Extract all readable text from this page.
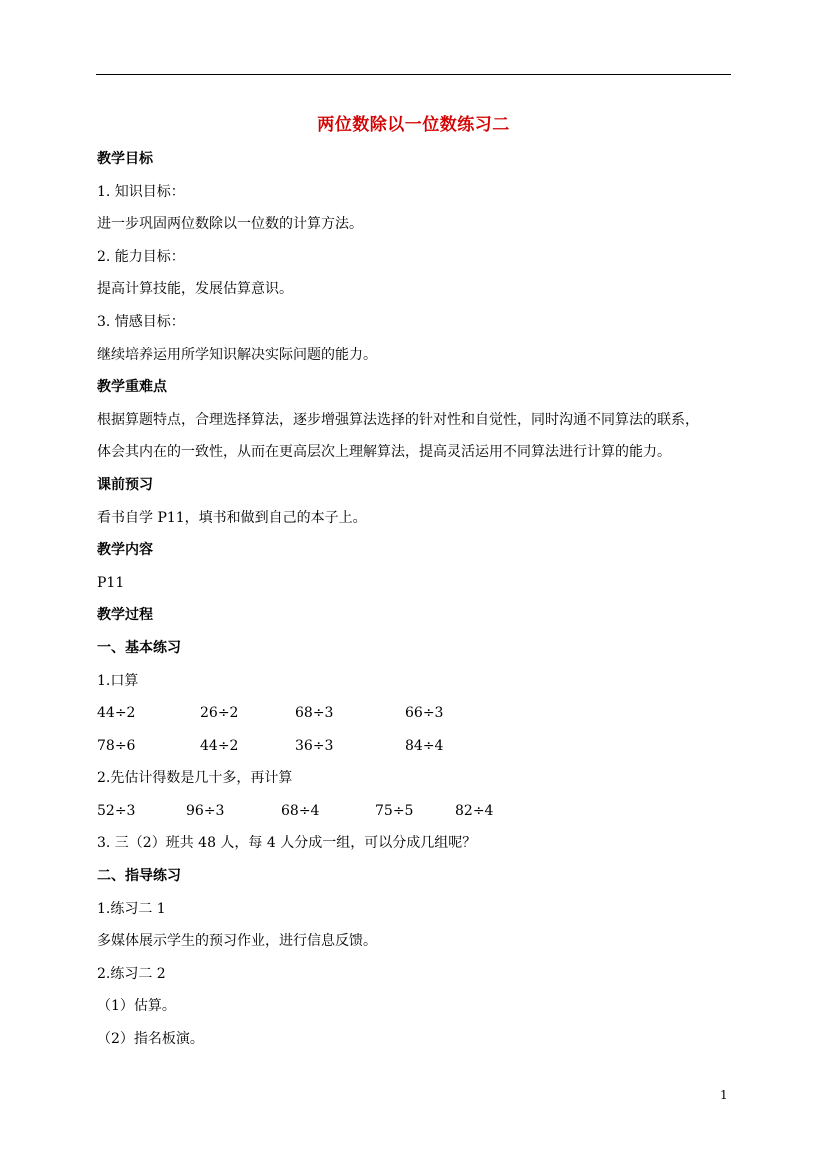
两位数除以一位数练习二
教学目标
1. 知识目标：
进一步巩固两位数除以一位数的计算方法。
2. 能力目标：
提高计算技能，发展估算意识。
3. 情感目标：
继续培养运用所学知识解决实际问题的能力。
教学重难点
根据算题特点，合理选择算法，逐步增强算法选择的针对性和自觉性，同时沟通不同算法的联系，
体会其内在的一致性，从而在更高层次上理解算法，提高灵活运用不同算法进行计算的能力。
课前预习
看书自学 P11，填书和做到自己的本子上。
教学内容
P11
教学过程
一、基本练习
1.口算
44÷2	26÷2	68÷3	66÷3
78÷6	44÷2	36÷3	84÷4
2.先估计得数是几十多，再计算
52÷3	96÷3	68÷4	75÷5	82÷4
3. 三（2）班共 48 人，每 4 人分成一组，可以分成几组呢？
二、指导练习
1.练习二 1
多媒体展示学生的预习作业，进行信息反馈。
2.练习二 2
（1）估算。
（2）指名板演。
1
